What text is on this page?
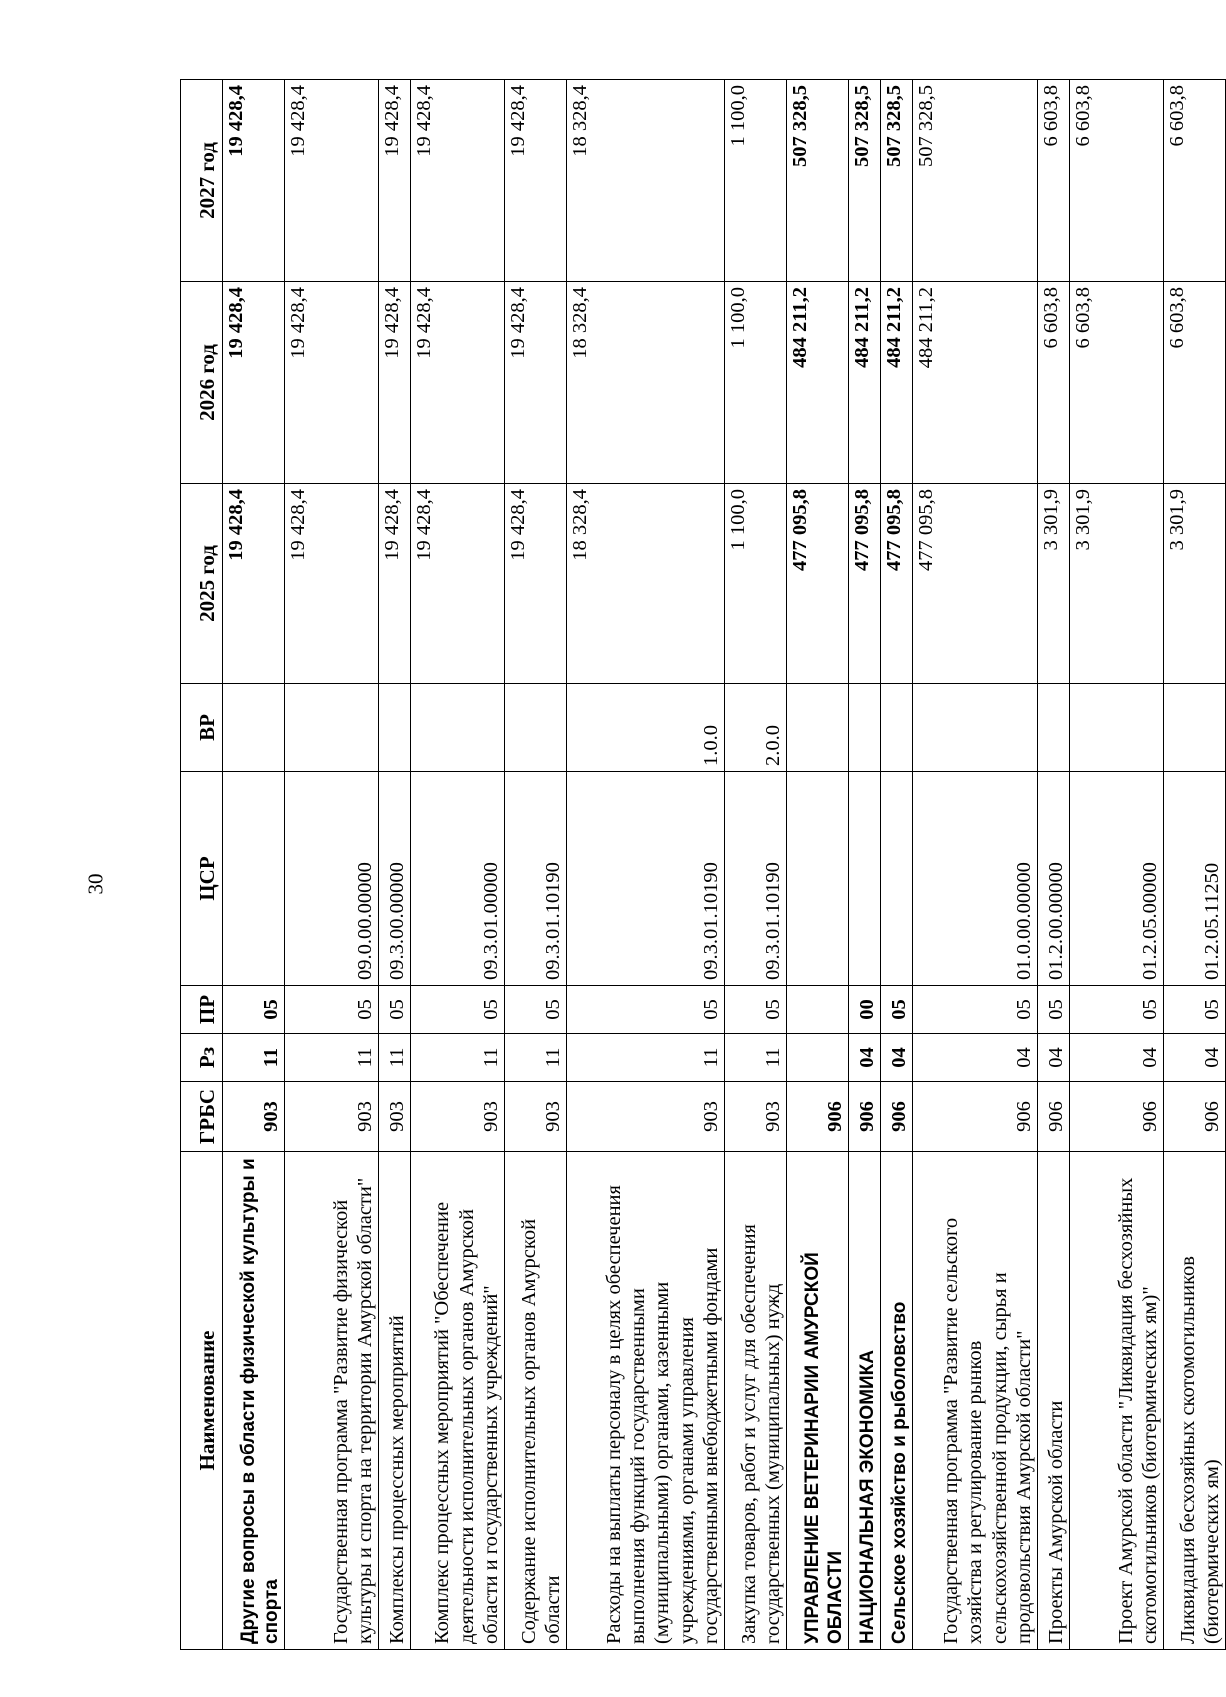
30
Наименование	ГРБС	Рз	ПР	ЦСР	ВР	2025 год	2026 год	2027 год
Другие вопросы в области физической культуры и спорта	903	11	05			19 428,4	19 428,4	19 428,4
Государственная программа "Развитие физической культуры и спорта на территории Амурской области"	903	11	05	09.0.00.00000		19 428,4	19 428,4	19 428,4
Комплексы процессных мероприятий	903	11	05	09.3.00.00000		19 428,4	19 428,4	19 428,4
Комплекс процессных мероприятий "Обеспечение деятельности исполнительных органов Амурской области и государственных учреждений"	903	11	05	09.3.01.00000		19 428,4	19 428,4	19 428,4
Содержание исполнительных органов Амурской области	903	11	05	09.3.01.10190		19 428,4	19 428,4	19 428,4
Расходы на выплаты персоналу в целях обеспечения выполнения функций государственными (муниципальными) органами, казенными учреждениями, органами управления государственными внебюджетными фондами	903	11	05	09.3.01.10190	1.0.0	18 328,4	18 328,4	18 328,4
Закупка товаров, работ и услуг для обеспечения государственных (муниципальных) нужд	903	11	05	09.3.01.10190	2.0.0	1 100,0	1 100,0	1 100,0
УПРАВЛЕНИЕ ВЕТЕРИНАРИИ АМУРСКОЙ ОБЛАСТИ	906					477 095,8	484 211,2	507 328,5
НАЦИОНАЛЬНАЯ ЭКОНОМИКА	906	04	00			477 095,8	484 211,2	507 328,5
Сельское хозяйство и рыболовство	906	04	05			477 095,8	484 211,2	507 328,5
Государственная программа "Развитие сельского хозяйства и регулирование рынков сельскохозяйственной продукции, сырья и продовольствия Амурской области"	906	04	05	01.0.00.00000		477 095,8	484 211,2	507 328,5
Проекты Амурской области	906	04	05	01.2.00.00000		3 301,9	6 603,8	6 603,8
Проект Амурской области "Ликвидация бесхозяйных скотомогильников (биотермических ям)"	906	04	05	01.2.05.00000		3 301,9	6 603,8	6 603,8
Ликвидация бесхозяйных скотомогильников (биотермических ям)	906	04	05	01.2.05.11250		3 301,9	6 603,8	6 603,8
